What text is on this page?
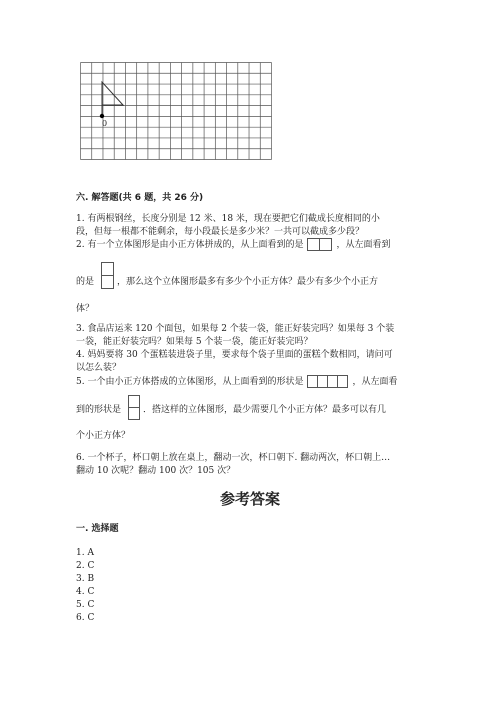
0
六. 解答题(共 6 题，共 26 分)
1. 有两根钢丝，长度分别是 12 米、18 米，现在要把它们截成长度相同的小
段，但每一根都不能剩余，每小段最长是多少米？一共可以截成多少段？
2. 有一个立体图形是由小正方体拼成的，从上面看到的是	，从左面看到
的是	，那么这个立体图形最多有多少个小正方体？最少有多少个小正方
体？
3. 食品店运来 120 个面包，如果每 2 个装一袋，能正好装完吗？如果每 3 个装
一袋，能正好装完吗？如果每 5 个装一袋，能正好装完吗？
4. 妈妈要将 30 个蛋糕装进袋子里，要求每个袋子里面的蛋糕个数相同，请问可
以怎么装？
5. 一个由小正方体搭成的立体图形，从上面看到的形状是	，从左面看
到的形状是 ．搭这样的立体图形，最少需要几个小正方体？最多可以有几
个小正方体？
6. 一个杯子，杯口朝上放在桌上，翻动一次，杯口朝下. 翻动两次，杯口朝上…
翻动 10 次呢？翻动 100 次？105 次？
参考答案
一. 选择题
1. A
2. C
3. B
4. C
5. C
6. C
